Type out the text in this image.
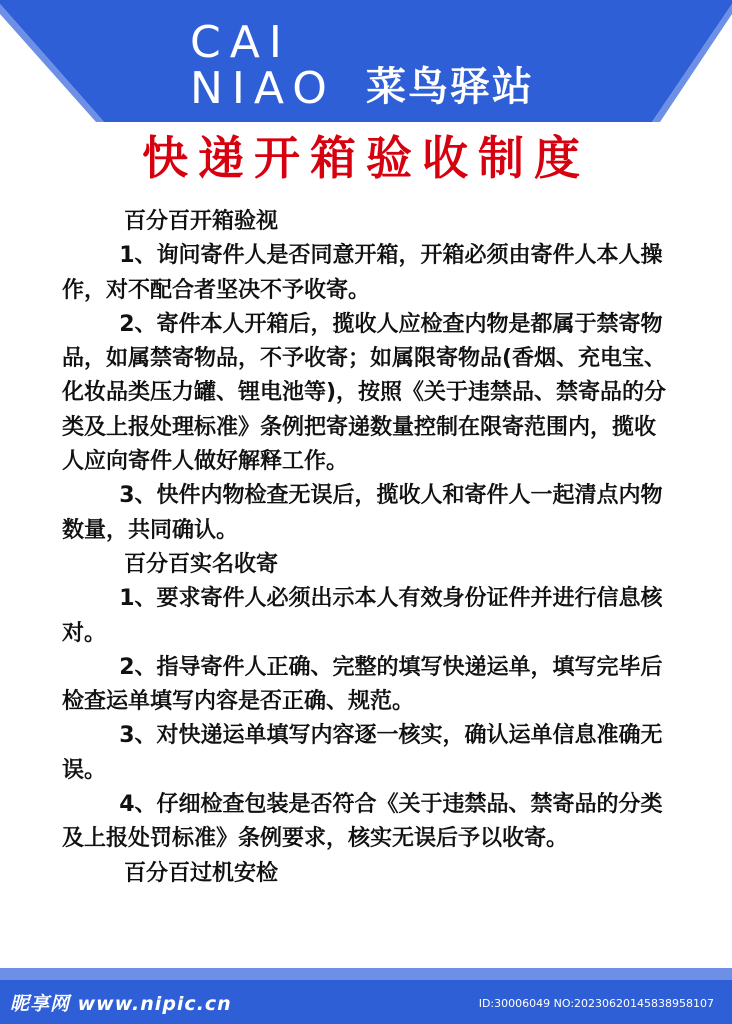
CAI
NIAO 菜鸟驿站
快递开箱验收制度

百分百开箱验视

1、询问寄件人是否同意开箱，开箱必须由寄件人本人操作，对不配合者坚决不予收寄。

2、寄件本人开箱后，揽收人应检查内物是都属于禁寄物品，如属禁寄物品，不予收寄；如属限寄物品(香烟、充电宝、化妆品类压力罐、锂电池等)，按照《关于违禁品、禁寄品的分类及上报处理标准》条例把寄递数量控制在限寄范围内，揽收人应向寄件人做好解释工作。

3、快件内物检查无误后，揽收人和寄件人一起清点内物数量，共同确认。

百分百实名收寄

1、要求寄件人必须出示本人有效身份证件并进行信息核对。

2、指导寄件人正确、完整的填写快递运单，填写完毕后检查运单填写内容是否正确、规范。

3、对快递运单填写内容逐一核实，确认运单信息准确无误。

4、仔细检查包装是否符合《关于违禁品、禁寄品的分类及上报处罚标准》条例要求，核实无误后予以收寄。

百分百过机安检

昵享网 www.nipic.cn	ID:30006049 NO:20230620145838958107
